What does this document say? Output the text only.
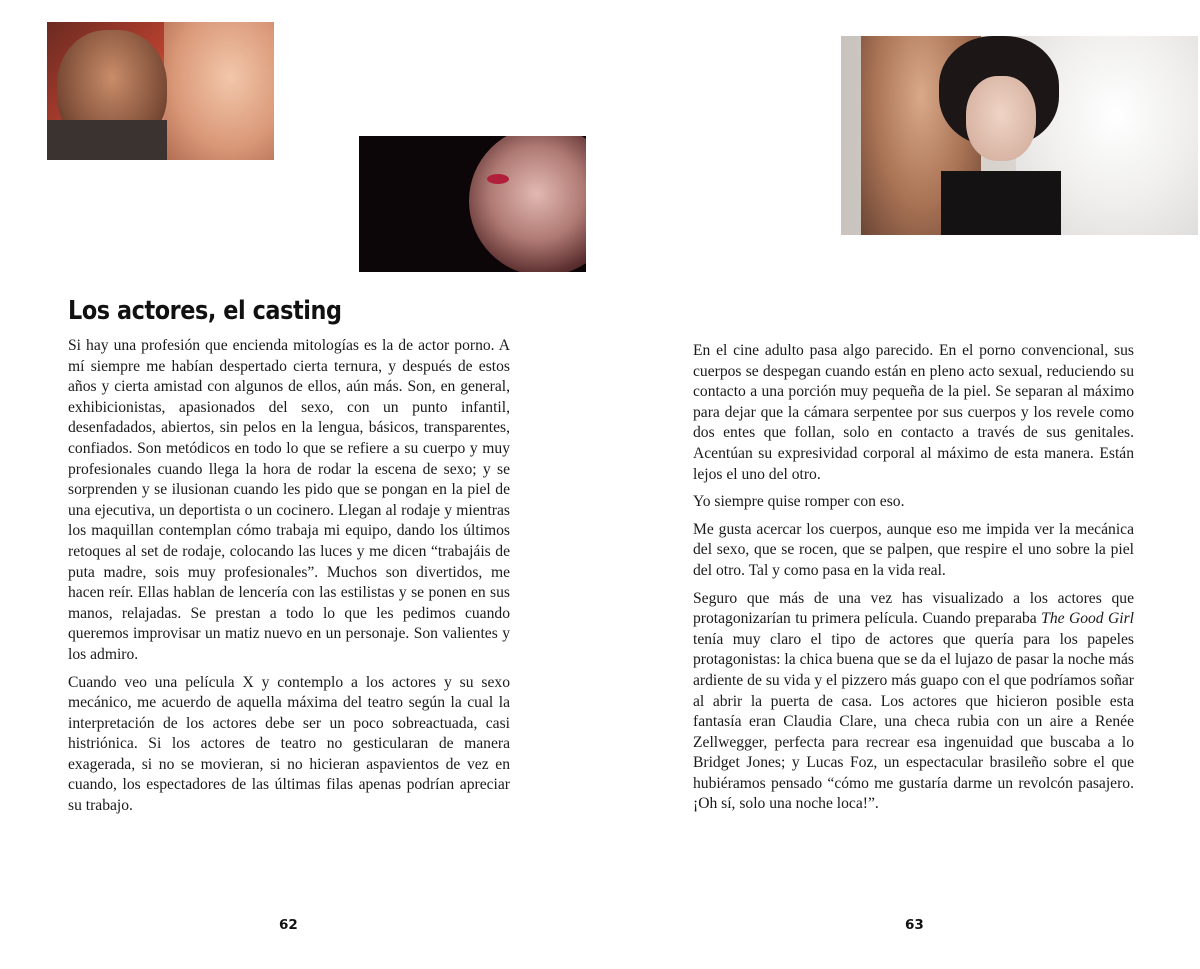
Los actores, el casting

Si hay una profesión que encienda mitologías es la de actor porno. A mí siempre me habían despertado cierta ternura, y después de estos años y cierta amistad con algunos de ellos, aún más. Son, en general, exhibicionistas, apasionados del sexo, con un punto infantil, desenfadados, abiertos, sin pelos en la lengua, básicos, transparentes, confiados. Son metódicos en todo lo que se refiere a su cuerpo y muy profesionales cuando llega la hora de rodar la escena de sexo; y se sorprenden y se ilusionan cuando les pido que se pongan en la piel de una ejecutiva, un deportista o un cocinero. Llegan al rodaje y mientras los maquillan contemplan cómo trabaja mi equipo, dando los últimos retoques al set de rodaje, colocando las luces y me dicen “trabajáis de puta madre, sois muy profesionales”. Muchos son divertidos, me hacen reír. Ellas hablan de lencería con las estilistas y se ponen en sus manos, relajadas. Se prestan a todo lo que les pedimos cuando queremos improvisar un matiz nuevo en un personaje. Son valientes y los admiro.

Cuando veo una película X y contemplo a los actores y su sexo mecánico, me acuerdo de aquella máxima del teatro según la cual la interpretación de los actores debe ser un poco sobreactuada, casi histriónica. Si los actores de teatro no gesticularan de manera exagerada, si no se movieran, si no hicieran aspavientos de vez en cuando, los espectadores de las últimas filas apenas podrían apreciar su trabajo.

62

En el cine adulto pasa algo parecido. En el porno convencional, sus cuerpos se despegan cuando están en pleno acto sexual, reduciendo su contacto a una porción muy pequeña de la piel. Se separan al máximo para dejar que la cámara serpentee por sus cuerpos y los revele como dos entes que follan, solo en contacto a través de sus genitales. Acentúan su expresividad corporal al máximo de esta manera. Están lejos el uno del otro.

Yo siempre quise romper con eso.

Me gusta acercar los cuerpos, aunque eso me impida ver la mecánica del sexo, que se rocen, que se palpen, que respire el uno sobre la piel del otro. Tal y como pasa en la vida real.

Seguro que más de una vez has visualizado a los actores que protagonizarían tu primera película. Cuando preparaba The Good Girl tenía muy claro el tipo de actores que quería para los papeles protagonistas: la chica buena que se da el lujazo de pasar la noche más ardiente de su vida y el pizzero más guapo con el que podríamos soñar al abrir la puerta de casa. Los actores que hicieron posible esta fantasía eran Claudia Clare, una checa rubia con un aire a Renée Zellwegger, perfecta para recrear esa ingenuidad que buscaba a lo Bridget Jones; y Lucas Foz, un espectacular brasileño sobre el que hubiéramos pensado “cómo me gustaría darme un revolcón pasajero. ¡Oh sí, solo una noche loca!”.

63
